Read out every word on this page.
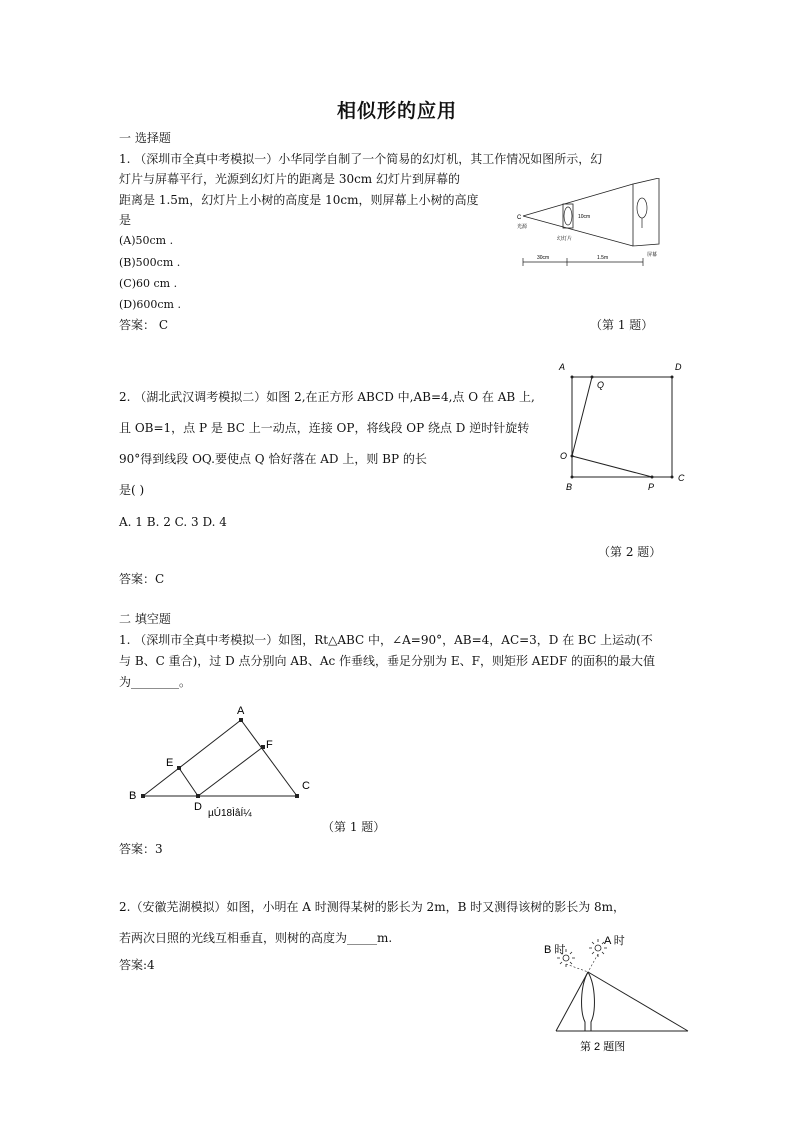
相似形的应用
一 选择题
1. （深圳市全真中考模拟一）小华同学自制了一个简易的幻灯机，其工作情况如图所示，幻
灯片与屏幕平行，光源到幻灯片的距离是 30cm 幻灯片到屏幕的
距离是 1.5m，幻灯片上小树的高度是 10cm，则屏幕上小树的高度
是
(A)50cm .
(B)500cm .
(C)60 cm .
(D)600cm .
答案： C	（第 1 题）
C
光源
10cm
幻灯片
屏幕
30cm	1.5m
2. （湖北武汉调考模拟二）如图 2,在正方形 ABCD 中,AB=4,点 O 在 AB 上,
且 OB=1，点 P 是 BC 上一动点，连接 OP，将线段 OP 绕点 D 逆时针旋转
90°得到线段 OQ.要使点 Q 恰好落在 AD 上，则 BP 的长
是( )
A. 1 B. 2 C. 3 D. 4
（第 2 题）
答案：C
A	D
B
C
O
P
Q
二 填空题
1. （深圳市全真中考模拟一）如图，Rt△ABC 中，∠A=90°，AB=4，AC=3，D 在 BC 上运动(不
与 B、C 重合)，过 D 点分别向 AB、Ac 作垂线，垂足分别为 E、F，则矩形 AEDF 的面积的最大值
为________。
A
B
C
D
E
F
µÚ18ÌâÍ¼
（第 1 题）
答案：3
2.（安徽芜湖模拟）如图，小明在 A 时测得某树的影长为 2m，B 时又测得该树的影长为 8m，
若两次日照的光线互相垂直，则树的高度为_____m.
答案:4
B 时
A 时
第 2 题图
